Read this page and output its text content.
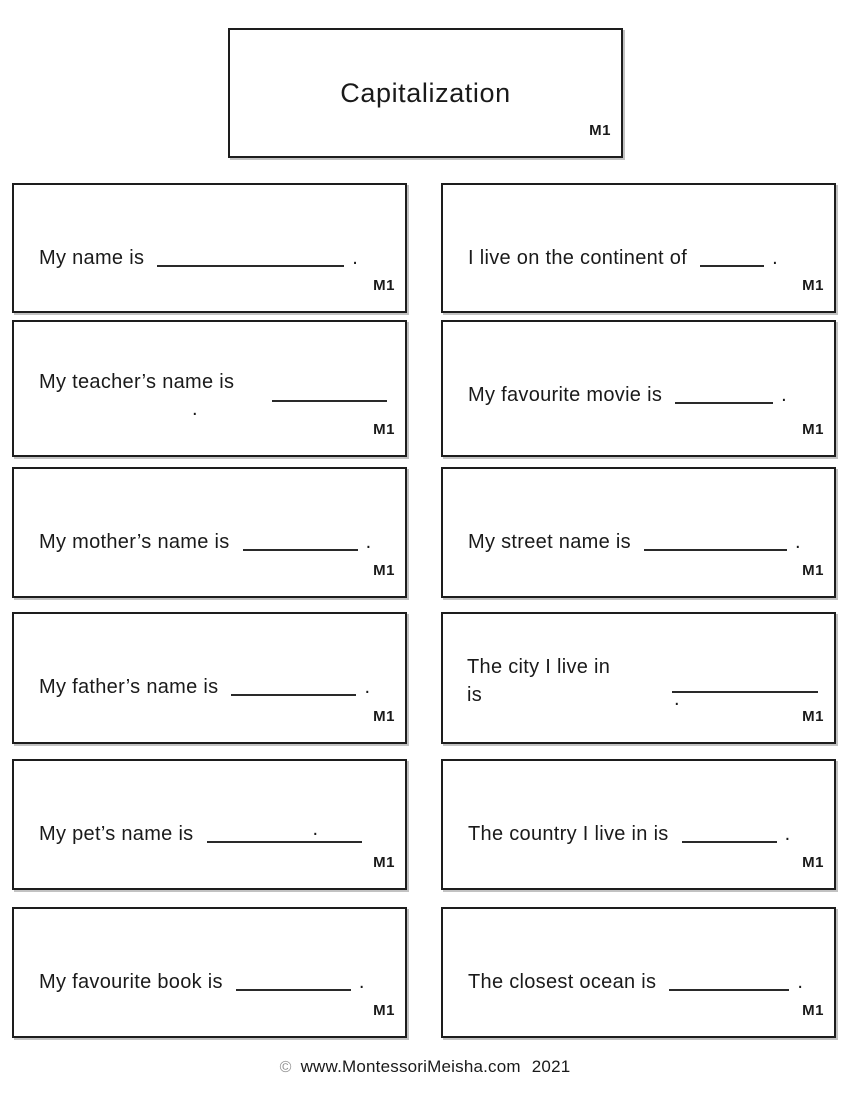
Capitalization
M1
My name is	.
M1
I live on the continent of	.
M1
My teacher’s name is
.
M1
My favourite movie is	.
M1
My mother’s name is	.
M1
My street name is	.
M1
My father’s name is	.
M1
The city I live in
is	.
M1
My pet’s name is	.
M1
The country I live in is	.
M1
My favourite book is	.
M1
The closest ocean is	.
M1
© www.MontessoriMeisha.com 2021
